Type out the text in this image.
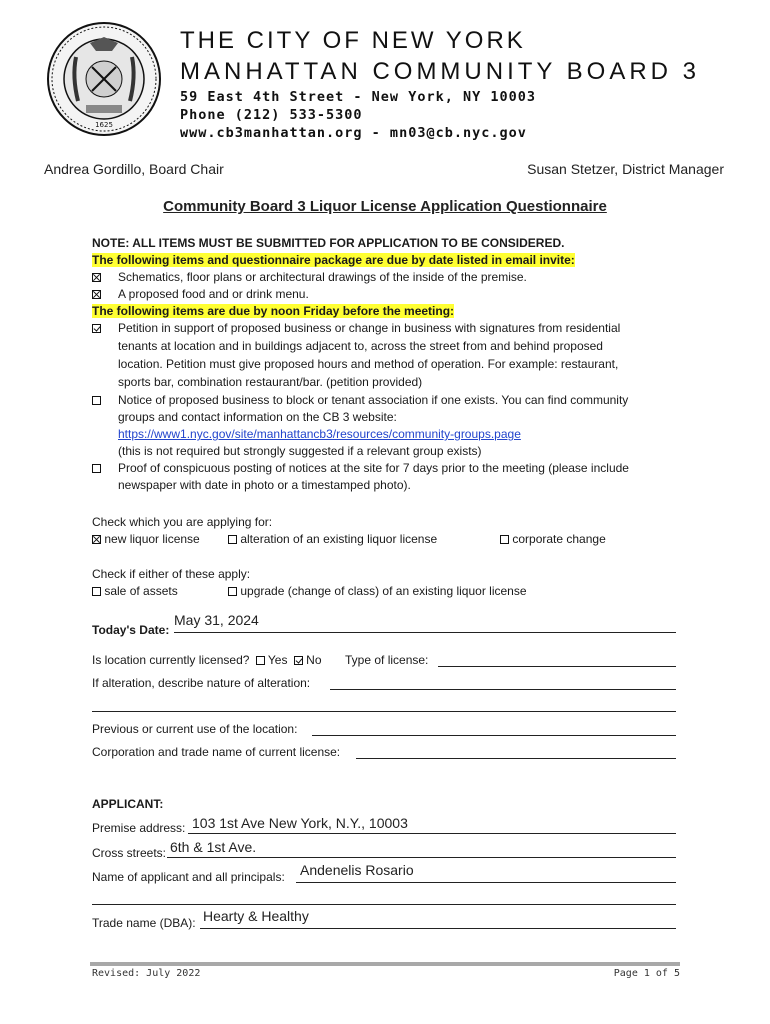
1625
THE CITY OF NEW YORK
MANHATTAN COMMUNITY BOARD 3
59 East 4th Street - New York, NY 10003
Phone (212) 533-5300
www.cb3manhattan.org - mn03@cb.nyc.gov
Andrea Gordillo, Board Chair	Susan Stetzer, District Manager
Community Board 3 Liquor License Application Questionnaire
NOTE: ALL ITEMS MUST BE SUBMITTED FOR APPLICATION TO BE CONSIDERED.
The following items and questionnaire package are due by date listed in email invite:
Schematics, floor plans or architectural drawings of the inside of the premise.
A proposed food and or drink menu.
The following items are due by noon Friday before the meeting:
Petition in support of proposed business or change in business with signatures from residential
tenants at location and in buildings adjacent to, across the street from and behind proposed
location. Petition must give proposed hours and method of operation. For example: restaurant,
sports bar, combination restaurant/bar. (petition provided)
Notice of proposed business to block or tenant association if one exists. You can find community
groups and contact information on the CB 3 website:
https://www1.nyc.gov/site/manhattancb3/resources/community-groups.page
(this is not required but strongly suggested if a relevant group exists)
Proof of conspicuous posting of notices at the site for 7 days prior to the meeting (please include
newspaper with date in photo or a timestamped photo).
Check which you are applying for:
new liquor license	alteration of an existing liquor license	corporate change
Check if either of these apply:
sale of assets	upgrade (change of class) of an existing liquor license
Today's Date:
May 31, 2024
Is location currently licensed? Yes No Type of license:
If alteration, describe nature of alteration:
Previous or current use of the location:
Corporation and trade name of current license:
APPLICANT:
Premise address: 103 1st Ave New York, N.Y., 10003
Cross streets: 6th & 1st Ave.
Name of applicant and all principals: Andenelis Rosario
Trade name (DBA): Hearty & Healthy
Revised: July 2022	Page 1 of 5
